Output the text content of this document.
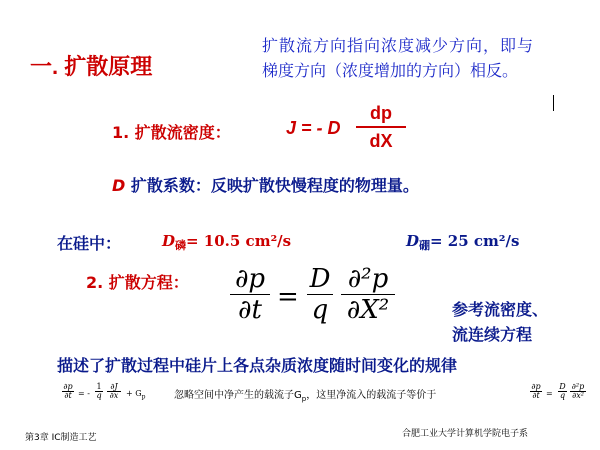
一. 扩散原理
扩散流方向指向浓度减少方向，即与
梯度方向（浓度增加的方向）相反。
1. 扩散流密度：	J = - D
dp
dX
D 扩散系数：反映扩散快慢程度的物理量。
在硅中：	$D_磷= 10.5$ cm²/s	$D_硼= 25$ cm²/s
2. 扩散方程： ∂p
∂t =
D
q
∂²p
∂X²	参考流密度、
流连续方程
描述了扩散过程中硅片上各点杂质浓度随时间变化的规律
∂p
∂t = -
1
q
∂J
$\partial x + G_p$	忽略空间中净产生的载流子$G_p$，这里净流入的载流子等价于
∂p
∂t =
D
q
∂²p
∂x²
第3章 IC制造工艺	合肥工业大学计算机学院电子系
